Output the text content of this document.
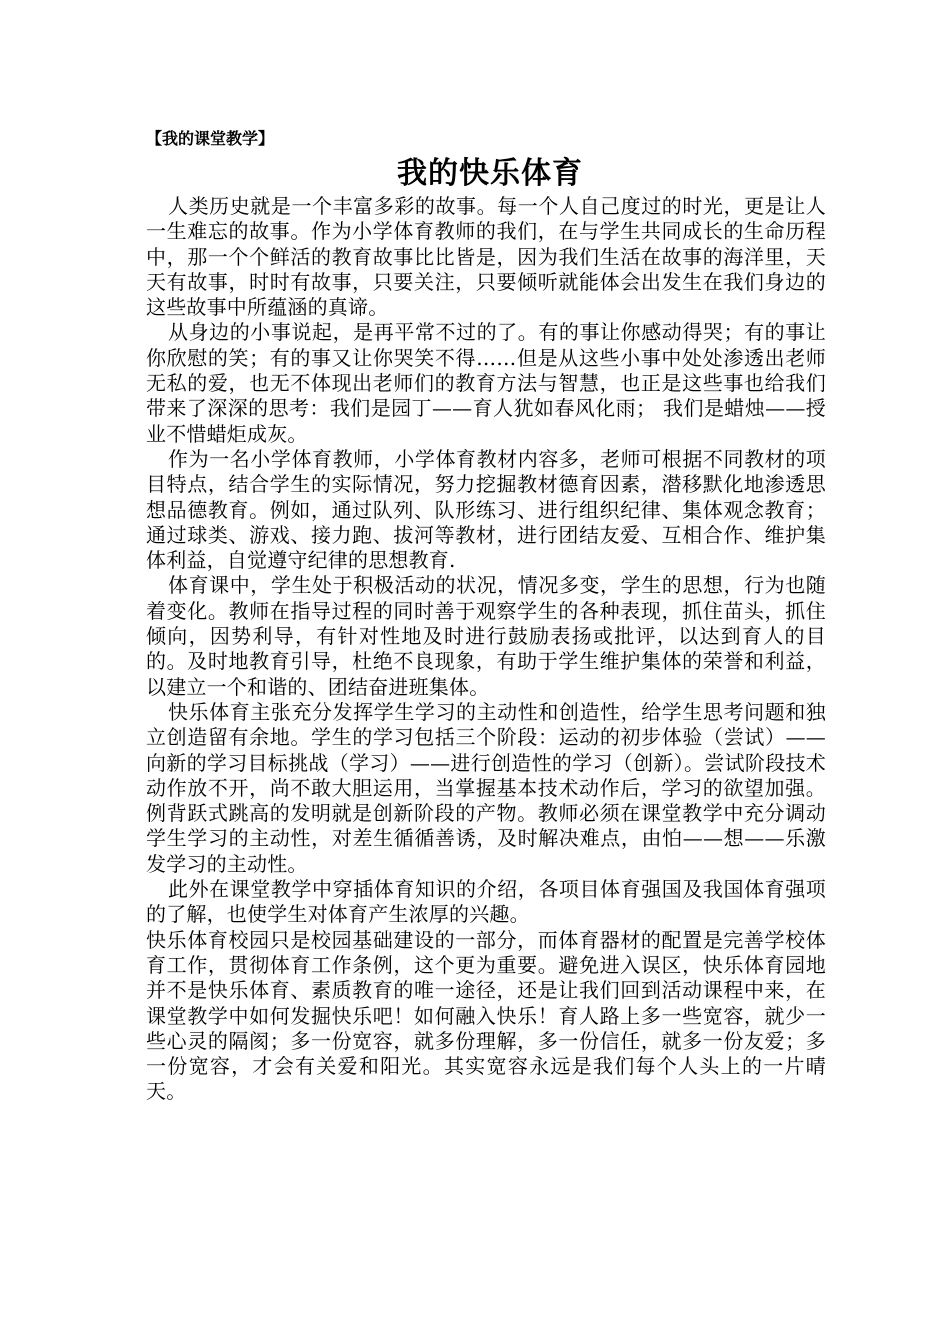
【我的课堂教学】

我的快乐体育

人类历史就是一个丰富多彩的故事。每一个人自己度过的时光，更是让人一生难忘的故事。作为小学体育教师的我们，在与学生共同成长的生命历程中，那一个个鲜活的教育故事比比皆是，因为我们生活在故事的海洋里，天天有故事，时时有故事，只要关注，只要倾听就能体会出发生在我们身边的这些故事中所蕴涵的真谛。

从身边的小事说起，是再平常不过的了。有的事让你感动得哭；有的事让你欣慰的笑；有的事又让你哭笑不得……但是从这些小事中处处渗透出老师无私的爱，也无不体现出老师们的教育方法与智慧，也正是这些事也给我们带来了深深的思考：我们是园丁——育人犹如春风化雨； 我们是蜡烛——授业不惜蜡炬成灰。

作为一名小学体育教师，小学体育教材内容多，老师可根据不同教材的项目特点，结合学生的实际情况，努力挖掘教材德育因素，潜移默化地渗透思想品德教育。例如，通过队列、队形练习、进行组织纪律、集体观念教育；通过球类、游戏、接力跑、拔河等教材，进行团结友爱、互相合作、维护集体利益，自觉遵守纪律的思想教育.

体育课中，学生处于积极活动的状况，情况多变，学生的思想，行为也随着变化。教师在指导过程的同时善于观察学生的各种表现，抓住苗头，抓住倾向，因势利导，有针对性地及时进行鼓励表扬或批评，以达到育人的目的。及时地教育引导，杜绝不良现象，有助于学生维护集体的荣誉和利益，以建立一个和谐的、团结奋进班集体。

快乐体育主张充分发挥学生学习的主动性和创造性，给学生思考问题和独立创造留有余地。学生的学习包括三个阶段：运动的初步体验（尝试）——向新的学习目标挑战（学习）——进行创造性的学习（创新）。尝试阶段技术动作放不开，尚不敢大胆运用，当掌握基本技术动作后，学习的欲望加强。例背跃式跳高的发明就是创新阶段的产物。教师必须在课堂教学中充分调动学生学习的主动性，对差生循循善诱，及时解决难点，由怕——想——乐激发学习的主动性。

此外在课堂教学中穿插体育知识的介绍，各项目体育强国及我国体育强项的了解，也使学生对体育产生浓厚的兴趣。

快乐体育校园只是校园基础建设的一部分，而体育器材的配置是完善学校体育工作，贯彻体育工作条例，这个更为重要。避免进入误区，快乐体育园地并不是快乐体育、素质教育的唯一途径，还是让我们回到活动课程中来，在课堂教学中如何发掘快乐吧！如何融入快乐！育人路上多一些宽容，就少一些心灵的隔阂；多一份宽容，就多份理解，多一份信任，就多一份友爱；多一份宽容，才会有关爱和阳光。其实宽容永远是我们每个人头上的一片晴天。
